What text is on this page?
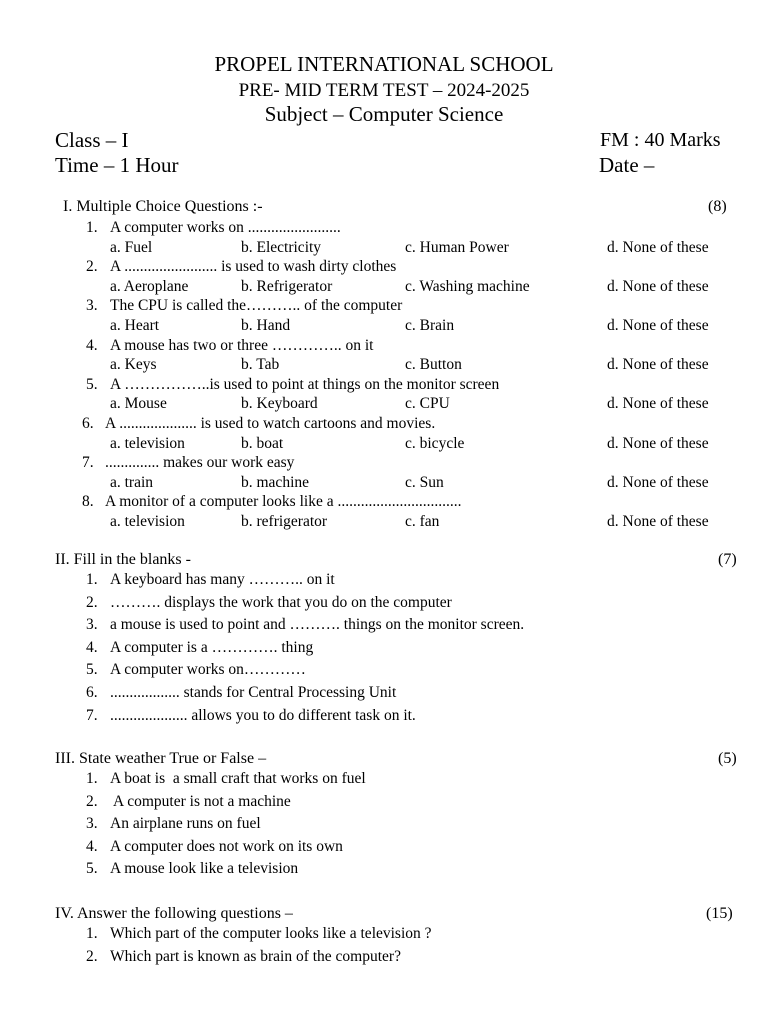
PROPEL INTERNATIONAL SCHOOL
PRE- MID TERM TEST – 2024-2025
Subject – Computer Science
Class – I	FM : 40 Marks
Time – 1 Hour	Date –
I. Multiple Choice Questions :-	(8)
1. A computer works on ........................
a. Fuel	b. Electricity	c. Human Power	d. None of these
2. A ........................ is used to wash dirty clothes
a. Aeroplane	b. Refrigerator	c. Washing machine	d. None of these
3. The CPU is called the……….. of the computer
a. Heart	b. Hand	c. Brain	d. None of these
4. A mouse has two or three ………….. on it
a. Keys	b. Tab	c. Button	d. None of these
5. A ……………..is used to point at things on the monitor screen
a. Mouse	b. Keyboard	c. CPU	d. None of these
6. A .................... is used to watch cartoons and movies.
a. television	b. boat	c. bicycle	d. None of these
7. .............. makes our work easy
a. train	b. machine	c. Sun	d. None of these
8. A monitor of a computer looks like a ................................
a. television	b. refrigerator	c. fan	d. None of these
II. Fill in the blanks -	(7)
1. A keyboard has many ……….. on it
2. ………. displays the work that you do on the computer
3. a mouse is used to point and ………. things on the monitor screen.
4. A computer is a …………. thing
5. A computer works on…………
6. .................. stands for Central Processing Unit
7. .................... allows you to do different task on it.
III. State weather True or False –	(5)
1. A boat is  a small craft that works on fuel
2. A computer is not a machine
3. An airplane runs on fuel
4. A computer does not work on its own
5. A mouse look like a television
IV. Answer the following questions –	(15)
1. Which part of the computer looks like a television ?
2. Which part is known as brain of the computer?
